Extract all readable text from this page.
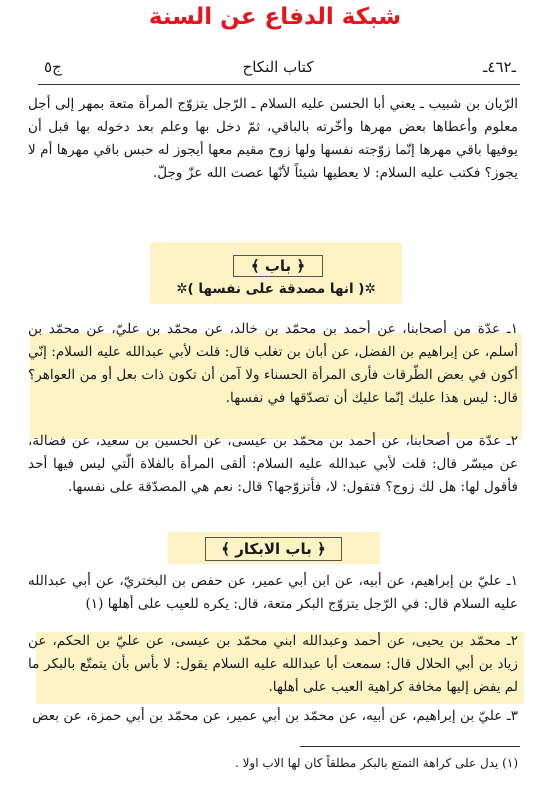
شبكة الدفاع عن السنة
ـ٤٦٢ـ
كتاب النكاح
ج٥
الرّيان بن شبيب ـ يعني أبا الحسن عليه السلام ـ الرّجل يتزوّج المرأة متعة بمهر إلى أجل معلوم وأعطاها بعض مهرها وأخّرته بالباقي، ثمّ دخل بها وعلم بعد دخوله بها قبل أن يوفيها باقي مهرها إنّما زوّجته نفسها ولها زوج مقيم معها أيجوز له حبس باقي مهرها أم لا يجوز؟ فكتب عليه السلام: لا يعطيها شيئاً لأنّها عصت الله عزّ وجلّ.
﴿ باب ﴾
✲( انها مصدقة على نفسها )✲
١ـ عدّة من أصحابنا، عن أحمد بن محمّد بن خالد، عن محمّد بن عليّ، عن محمّد بن أسلم، عن إبراهيم بن الفضل، عن أبان بن تغلب قال: قلت لأبي عبدالله عليه السلام: إنّي أكون في بعض الطّرقات فأرى المرأة الحسناء ولا آمن أن تكون ذات بعل أو من العواهر؟ قال: ليس هذا عليك إنّما عليك أن تصدّقها في نفسها.
٢ـ عدّة من أصحابنا، عن أحمد بن محمّد بن عيسى، عن الحسين بن سعيد، عن فضالة، عن ميسّر قال: قلت لأبي عبدالله عليه السلام: ألقى المرأة بالفلاة الّتي ليس فيها أحد فأقول لها: هل لك زوج؟ فتقول: لا، فأتزوّجها؟ قال: نعم هي المصدّقة على نفسها.
﴿ باب الابكار ﴾
١ـ عليّ بن إبراهيم، عن أبيه، عن ابن أبي عمير، عن حفص بن البختريّ، عن أبي عبدالله عليه السلام قال: في الرّجل يتزوّج البكر متعة، قال: يكره للعيب على أهلها (١)
٢ـ محمّد بن يحيى، عن أحمد وعبدالله ابني محمّد بن عيسى، عن عليّ بن الحكم، عن زياد بن أبي الحلال قال: سمعت أبا عبدالله عليه السلام يقول: لا بأس بأن يتمتّع بالبكر ما لم يفض إليها مخافة كراهية العيب على أهلها.
٣ـ عليّ بن إبراهيم، عن أبيه، عن محمّد بن أبي عمير، عن محمّد بن أبي حمزة، عن بعض
(١) يدل على كراهة التمتع بالبكر مطلقاً كان لها الاب اولا .
